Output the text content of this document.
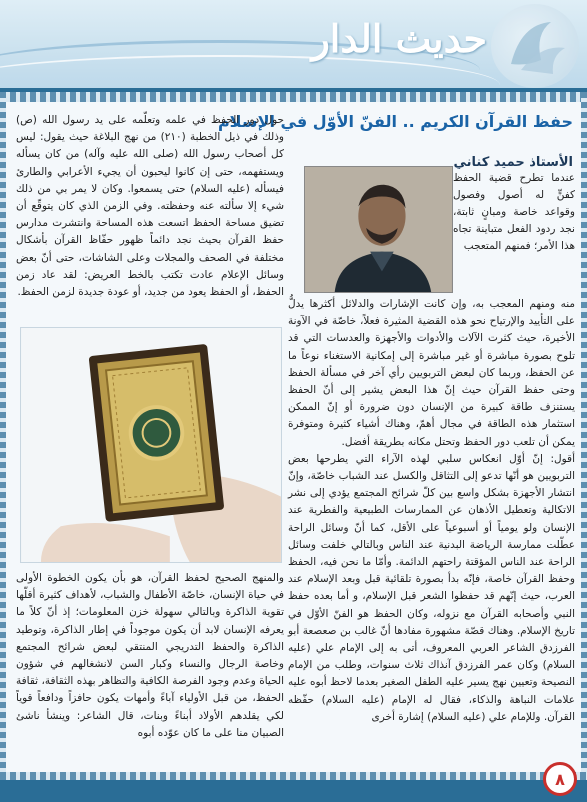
حديث الدار
حفظ القرآن الكريم .. الفنّ الأوّل في الإسلام
الأستاذ حميد كناني
عندما تطرح قضية الحفظ كفنٍّ له أصول وفصول وقواعد خاصة ومبانٍ ثابتة، نجد ردود الفعل متباينة تجاه هذا الأمر؛ فمنهم المتعجب

منه ومنهم المعجب به، وإن كانت الإشارات والدلائل أكثرها يدلُّ على التأييد والإرتياح نحو هذه القضية المثيرة فعلاً، خاصّة في الآونة الأخيرة، حيث كثرت الآلات والأدوات والأجهزة والعدسات التي قد تلوح بصورة مباشرة أو غير مباشرة إلى إمكانية الاستغناء نوعاً ما عن الحفظ، وربما كان لبعض التربويين رأي آخر في مسألة الحفظ وحتى حفظ القرآن حيث إنّ هذا البعض يشير إلى أنّ الحفظ يستنزف طاقة كبيرة من الإنسان دون ضرورة أو إنّ الممكن استثمار هذه الطاقة في مجال أهمّ، وهناك أشياء كثيرة ومتوفرة يمكن أن تلعب دور الحفظ وتحتل مكانه بطريقة أفضل.

أقول: إنّ أوّل انعكاس سلبي لهذه الآراء التي يطرحها بعض التربويين هو أنّها تدعو إلى التثاقل والكسل عند الشباب خاصّة، وإنّ انتشار الأجهزة بشكل واسع بين كلّ شرائح المجتمع يؤدي إلى نشر الاتكالية وتعطيل الأذهان عن الممارسات الطبيعية والفطرية عند الإنسان ولو يومياً أو أسبوعياً على الأقل، كما أنّ وسائل الراحة عطّلت ممارسة الرياضة البدنية عند الناس وبالتالي خلفت وسائل الراحة عند الناس المؤقتة راحتهم الدائمة. وأمّا ما نحن فيه، الحفظ وحفظ القرآن خاصة، فإنّه بدأ بصورة تلقائية قبل وبعد الإسلام عند العرب، حيث إنّهم قد حفظوا الشعر قبل الإسلام، و أما بعده حفظ النبي وأصحابه القرآن مع نزوله، وكان الحفظ هو الفنّ الأوّل في تاريخ الإسلام. وهناك قصّة مشهورة مفادها أنّ غالب بن صعصعة أبو الفرزدق الشاعر العربي المعروف، أتى به إلى الإمام علي (عليه السلام) وكان عمر الفرزدق آنذاك ثلاث سنوات، وطلب من الإمام النصيحة وتعيين نهج يسير عليه الطفل الصغير بعدما لاحظ أبوه عليه علامات النباهة والذكاء، فقال له الإمام (عليه السلام) حفّظه القرآن. وللإمام علي (عليه السلام) إشارة أخرى

حول دور الحفظ في علمه وتعلّمه على يد رسول الله (ص) وذلك في ذيل الخطبة (٢١٠) من نهج البلاغة حيث يقول: ليس كل أصحاب رسول الله (صلى الله عليه وآله) من كان يسأله ويستفهمه، حتى إن كانوا ليحبون أن يجيء الأعرابي والطارئ فيسأله (عليه السلام) حتى يسمعوا. وكان لا يمر بي من ذلك شيء إلا سألته عنه وحفظته. وفي الزمن الذي كان يتوقّع أن تضيق مساحة الحفظ اتسعت هذه المساحة وانتشرت مدارس حفظ القرآن بحيث نجد دائماً ظهور حفّاظ القرآن بأشكال مختلفة في الصحف والمجلات وعلى الشاشات، حتى أنّ بعض وسائل الإعلام عادت تكتب بالخط العريض: لقد عاد زمن الحفظ، أو الحفظ يعود من جديد، أو عودة جديدة لزمن الحفظ.
والمنهج الصحيح لحفظ القرآن، هو بأن يكون الخطوة الأولى في حياة الإنسان، خاصّة الأطفال والشباب، لأهداف كثيرة أقلّها تقوية الذاكرة وبالتالي سهولة خزن المعلومات؛ إذ أنّ كلاً ما يعرفه الإنسان لابد أن يكون موجوداً في إطار الذاكرة، وتوطيد الذاكرة والحفظ التدريجي المنتقي لبعض شرائح المجتمع وخاصة الرجال والنساء وكبار السن لانشغالهم في شؤون الحياة وعدم وجود الفرصة الكافية والتظاهر بهذه الثقافة، ثقافة الحفظ، من قبل الأولياء آباءً وأمهات يكون حافزاً ودافعاً قوياً لكي يقلدهم الأولاد أبناءً وبنات، قال الشاعر: وينشأ ناشئ الصبيان منا على ما كان عوّده أبوه
٨
